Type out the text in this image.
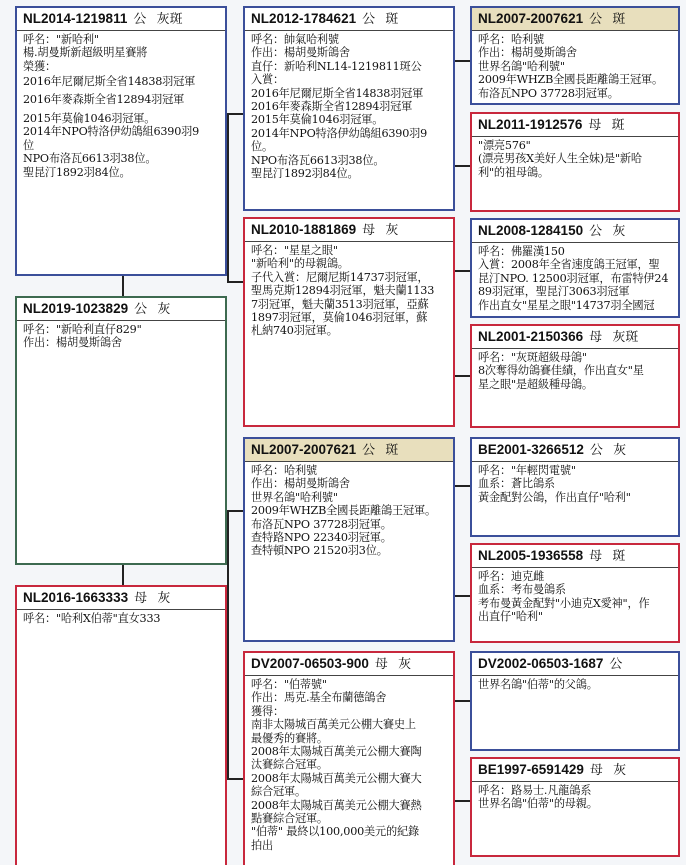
NL2014-1219811 公 灰斑
呼名："新哈利"
楊.胡曼斯新超級明星賽將
榮獲：
2016年尼爾尼斯全省14838羽冠軍
2016年麥森斯全省12894羽冠軍
2015年莫倫1046羽冠軍。
2014年NPO特洛伊幼鴿組6390羽9
位
NPO布洛瓦6613羽38位。
聖昆汀1892羽84位。
NL2012-1784621 公 斑
呼名：帥氣哈利號
作出：楊胡曼斯鴿舍
直仔：新哈利NL14-1219811斑公
入賞：
2016年尼爾尼斯全省14838羽冠軍
2016年麥森斯全省12894羽冠軍
2015年莫倫1046羽冠軍。
2014年NPO特洛伊幼鴿組6390羽9
位。
NPO布洛瓦6613羽38位。
聖昆汀1892羽84位。
NL2007-2007621 公 斑
呼名：哈利號
作出：楊胡曼斯鴿舍
世界名鴿"哈利號"
2009年WHZB全國長距離鴿王冠軍。
布洛瓦NPO 37728羽冠軍。
NL2011-1912576 母 斑
"漂亮576"
(漂亮男孩X美好人生全妹)是"新哈
利"的祖母鴿。
NL2010-1881869 母 灰
呼名："星星之眼"
"新哈利"的母親鴿。
子代入賞：尼爾尼斯14737羽冠軍，
聖馬克斯12894羽冠軍，魁夫蘭1133
7羽冠軍，魁夫蘭3513羽冠軍，亞蘇
1897羽冠軍，莫倫1046羽冠軍，蘇
札納740羽冠軍。
NL2008-1284150 公 灰
呼名：佛羅漢150
入賞：2008年全省速度鴿王冠軍，聖
昆汀NPO. 12500羽冠軍，布雷特伊24
89羽冠軍，聖昆汀3063羽冠軍
作出直女"星星之眼"14737羽全國冠
NL2001-2150366 母 灰斑
呼名："灰斑超級母鴿"
8次奪得幼鴿賽佳績，作出直女"星
星之眼"是超級種母鴿。
NL2019-1023829 公 灰
呼名："新哈利直仔829"
作出：楊胡曼斯鴿舍
NL2007-2007621 公 斑
呼名：哈利號
作出：楊胡曼斯鴿舍
世界名鴿"哈利號"
2009年WHZB全國長距離鴿王冠軍。
布洛瓦NPO 37728羽冠軍。
查特路NPO 22340羽冠軍。
查特頓NPO 21520羽3位。
BE2001-3266512 公 灰
呼名："年輕閃電號"
血系：蒼比鴿系
黃金配對公鴿，作出直仔"哈利"
NL2005-1936558 母 斑
呼名：迪克雌
血系：考布曼鴿系
考布曼黃金配對"小迪克X愛神"，作
出直仔"哈利"
NL2016-1663333 母 灰
呼名："哈利X伯蒂"直女333
DV2007-06503-900 母 灰
呼名："伯蒂號"
作出：馬克.基全布蘭德鴿舍
獲得：
南非太陽城百萬美元公棚大賽史上
最優秀的賽將。
2008年太陽城百萬美元公棚大賽陶
汰賽綜合冠軍。
2008年太陽城百萬美元公棚大賽大
綜合冠軍。
2008年太陽城百萬美元公棚大賽熱
點賽綜合冠軍。
"伯蒂" 最終以100,000美元的紀錄
拍出
DV2002-06503-1687 公
世界名鴿"伯蒂"的父鴿。
BE1997-6591429 母 灰
呼名：路易士.凡龍鴿系
世界名鴿"伯蒂"的母親。
